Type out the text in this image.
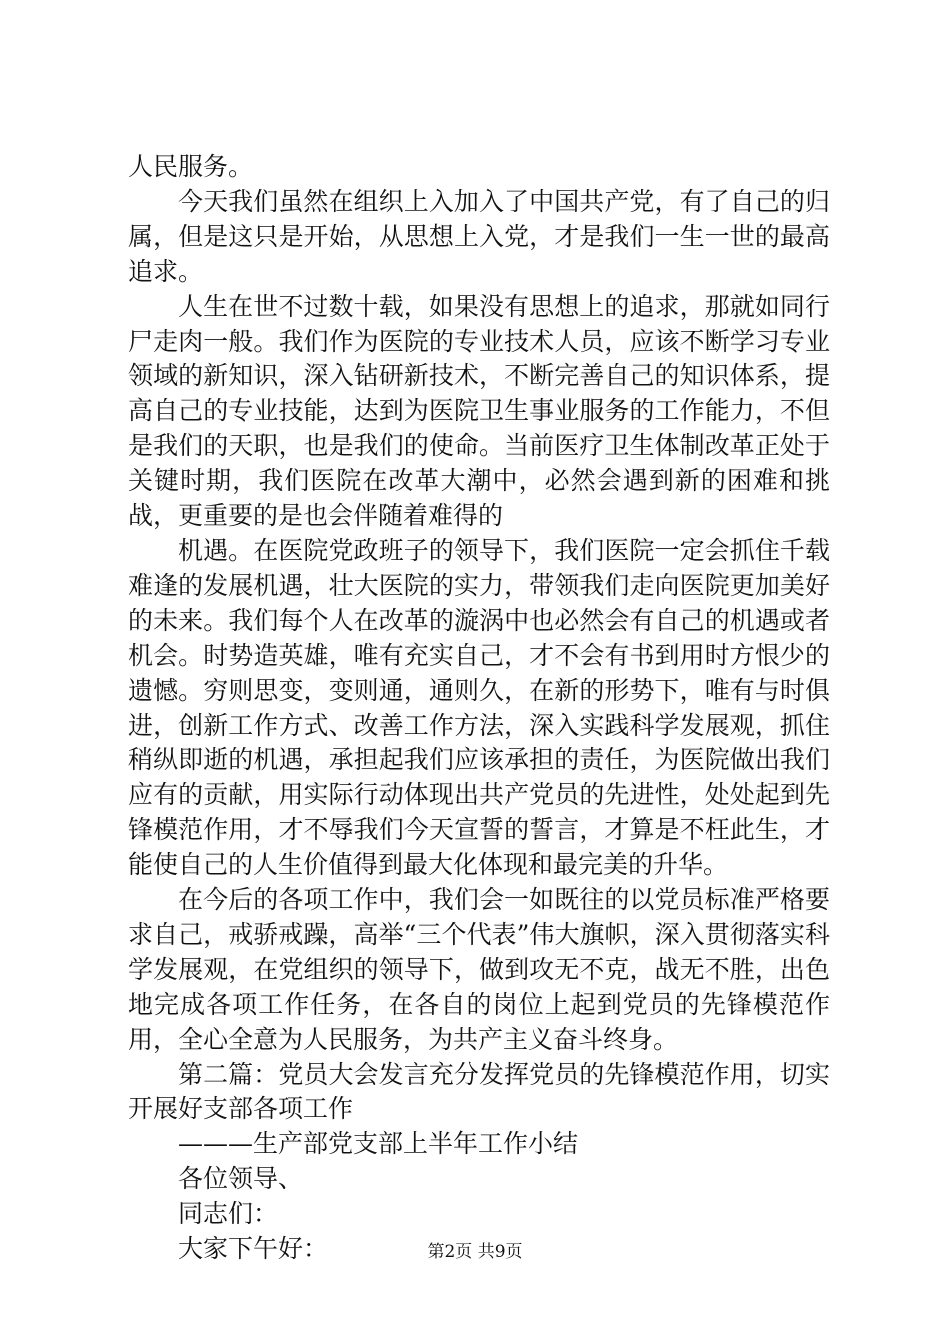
人民服务。

今天我们虽然在组织上入加入了中国共产党，有了自己的归属，但是这只是开始，从思想上入党，才是我们一生一世的最高追求。

人生在世不过数十载，如果没有思想上的追求，那就如同行尸走肉一般。我们作为医院的专业技术人员，应该不断学习专业领域的新知识，深入钻研新技术，不断完善自己的知识体系，提高自己的专业技能，达到为医院卫生事业服务的工作能力，不但是我们的天职，也是我们的使命。当前医疗卫生体制改革正处于关键时期，我们医院在改革大潮中，必然会遇到新的困难和挑战，更重要的是也会伴随着难得的

机遇。在医院党政班子的领导下，我们医院一定会抓住千载难逢的发展机遇，壮大医院的实力，带领我们走向医院更加美好的未来。我们每个人在改革的漩涡中也必然会有自己的机遇或者机会。时势造英雄，唯有充实自己，才不会有书到用时方恨少的遗憾。穷则思变，变则通，通则久，在新的形势下，唯有与时俱进，创新工作方式、改善工作方法，深入实践科学发展观，抓住稍纵即逝的机遇，承担起我们应该承担的责任，为医院做出我们应有的贡献，用实际行动体现出共产党员的先进性，处处起到先锋模范作用，才不辱我们今天宣誓的誓言，才算是不枉此生，才能使自己的人生价值得到最大化体现和最完美的升华。

在今后的各项工作中，我们会一如既往的以党员标准严格要求自己，戒骄戒躁，高举“三个代表”伟大旗帜，深入贯彻落实科学发展观，在党组织的领导下，做到攻无不克，战无不胜，出色地完成各项工作任务，在各自的岗位上起到党员的先锋模范作用，全心全意为人民服务，为共产主义奋斗终身。

第二篇：党员大会发言充分发挥党员的先锋模范作用，切实开展好支部各项工作

———生产部党支部上半年工作小结

各位领导、

同志们：

大家下午好：	第2页 共9页
